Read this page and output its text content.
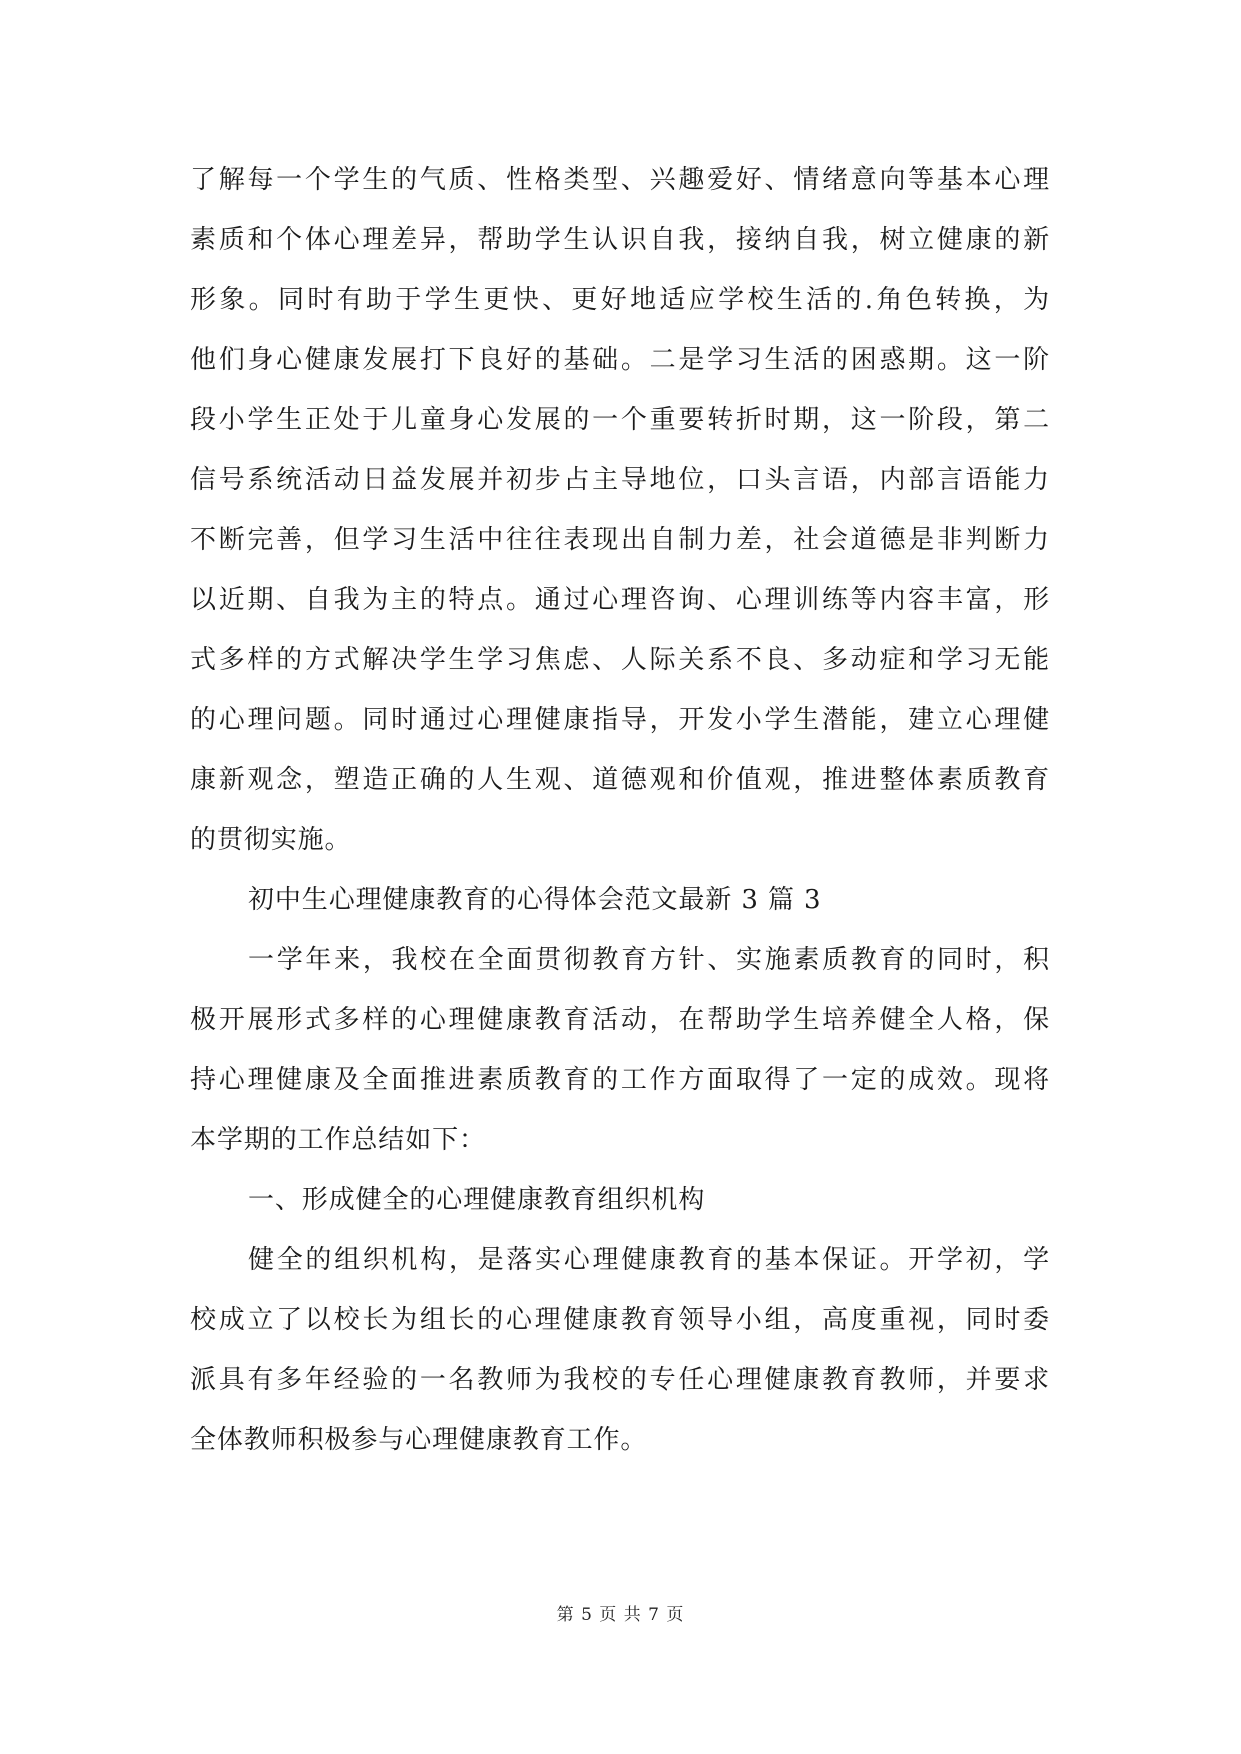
了解每一个学生的气质、性格类型、兴趣爱好、情绪意向等基本心理
素质和个体心理差异，帮助学生认识自我，接纳自我，树立健康的新
形象。同时有助于学生更快、更好地适应学校生活的.角色转换，为
他们身心健康发展打下良好的基础。二是学习生活的困惑期。这一阶
段小学生正处于儿童身心发展的一个重要转折时期，这一阶段，第二
信号系统活动日益发展并初步占主导地位，口头言语，内部言语能力
不断完善，但学习生活中往往表现出自制力差，社会道德是非判断力
以近期、自我为主的特点。通过心理咨询、心理训练等内容丰富，形
式多样的方式解决学生学习焦虑、人际关系不良、多动症和学习无能
的心理问题。同时通过心理健康指导，开发小学生潜能，建立心理健
康新观念，塑造正确的人生观、道德观和价值观，推进整体素质教育
的贯彻实施。
初中生心理健康教育的心得体会范文最新 3 篇 3
一学年来，我校在全面贯彻教育方针、实施素质教育的同时，积
极开展形式多样的心理健康教育活动，在帮助学生培养健全人格，保
持心理健康及全面推进素质教育的工作方面取得了一定的成效。现将
本学期的工作总结如下：
一、形成健全的心理健康教育组织机构
健全的组织机构，是落实心理健康教育的基本保证。开学初，学
校成立了以校长为组长的心理健康教育领导小组，高度重视，同时委
派具有多年经验的一名教师为我校的专任心理健康教育教师，并要求
全体教师积极参与心理健康教育工作。
第 5 页 共 7 页
